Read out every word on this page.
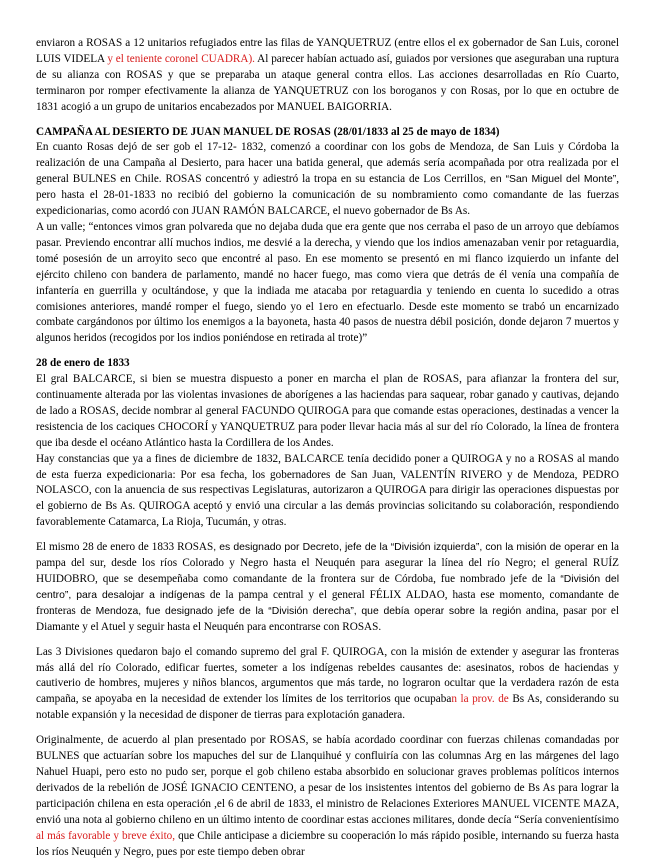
enviaron a ROSAS a 12 unitarios refugiados entre las filas de YANQUETRUZ (entre ellos el ex gobernador de San Luis, coronel LUIS VIDELA y el teniente coronel CUADRA). Al parecer habían actuado así, guiados por versiones que aseguraban una ruptura de su alianza con ROSAS y que se preparaba un ataque general contra ellos. Las acciones desarrolladas en Río Cuarto, terminaron por romper efectivamente la alianza de YANQUETRUZ con los boroganos y con Rosas, por lo que en octubre de 1831 acogió a un grupo de unitarios encabezados por MANUEL BAIGORRIA.

CAMPAÑA AL DESIERTO DE JUAN MANUEL DE ROSAS (28/01/1833 al 25 de mayo de 1834)

En cuanto Rosas dejó de ser gob el 17-12- 1832, comenzó a coordinar con los gobs de Mendoza, de San Luis y Córdoba la realización de una Campaña al Desierto, para hacer una batida general, que además sería acompañada por otra realizada por el general BULNES en Chile. ROSAS concentró y adiestró la tropa en su estancia de Los Cerrillos, en “San Miguel del Monte”, pero hasta el 28-01-1833 no recibió del gobierno la comunicación de su nombramiento como comandante de las fuerzas expedicionarias, como acordó con JUAN RAMÓN BALCARCE, el nuevo gobernador de Bs As.

A un valle; “entonces vimos gran polvareda que no dejaba duda que era gente que nos cerraba el paso de un arroyo que debíamos pasar. Previendo encontrar allí muchos indios, me desvié a la derecha, y viendo que los indios amenazaban venir por retaguardia, tomé posesión de un arroyito seco que encontré al paso. En ese momento se presentó en mi flanco izquierdo un infante del ejército chileno con bandera de parlamento, mandé no hacer fuego, mas como viera que detrás de él venía una compañía de infantería en guerrilla y ocultándose, y que la indiada me atacaba por retaguardia y teniendo en cuenta lo sucedido a otras comisiones anteriores, mandé romper el fuego, siendo yo el 1ero en efectuarlo. Desde este momento se trabó un encarnizado combate cargándonos por último los enemigos a la bayoneta, hasta 40 pasos de nuestra débil posición, donde dejaron 7 muertos y algunos heridos (recogidos por los indios poniéndose en retirada al trote)”

28 de enero de 1833

El gral BALCARCE, si bien se muestra dispuesto a poner en marcha el plan de ROSAS, para afianzar la frontera del sur, continuamente alterada por las violentas invasiones de aborígenes a las haciendas para saquear, robar ganado y cautivas, dejando de lado a ROSAS, decide nombrar al general FACUNDO QUIROGA para que comande estas operaciones, destinadas a vencer la resistencia de los caciques CHOCORÍ y YANQUETRUZ para poder llevar hacia más al sur del río Colorado, la línea de frontera que iba desde el océano Atlántico hasta la Cordillera de los Andes.

Hay constancias que ya a fines de diciembre de 1832, BALCARCE tenía decidido poner a QUIROGA y no a ROSAS al mando de esta fuerza expedicionaria: Por esa fecha, los gobernadores de San Juan, VALENTÍN RIVERO y de Mendoza, PEDRO NOLASCO, con la anuencia de sus respectivas Legislaturas, autorizaron a QUIROGA para dirigir las operaciones dispuestas por el gobierno de Bs As. QUIROGA aceptó y envió una circular a las demás provincias solicitando su colaboración, respondiendo favorablemente Catamarca, La Rioja, Tucumán, y otras.

El mismo 28 de enero de 1833 ROSAS, es designado por Decreto, jefe de la “División izquierda”, con la misión de operar en la pampa del sur, desde los ríos Colorado y Negro hasta el Neuquén para asegurar la línea del río Negro; el general RUÍZ HUIDOBRO, que se desempeñaba como comandante de la frontera sur de Córdoba, fue nombrado jefe de la “División del centro”, para desalojar a indígenas de la pampa central y el general FÉLIX ALDAO, hasta ese momento, comandante de fronteras de Mendoza, fue designado jefe de la “División derecha”, que debía operar sobre la región andina, pasar por el Diamante y el Atuel y seguir hasta el Neuquén para encontrarse con ROSAS.

Las 3 Divisiones quedaron bajo el comando supremo del gral F. QUIROGA, con la misión de extender y asegurar las fronteras más allá del río Colorado, edificar fuertes, someter a los indígenas rebeldes causantes de: asesinatos, robos de haciendas y cautiverio de hombres, mujeres y niños blancos, argumentos que más tarde, no lograron ocultar que la verdadera razón de esta campaña, se apoyaba en la necesidad de extender los límites de los territorios que ocupaban la prov. de Bs As, considerando su notable expansión y la necesidad de disponer de tierras para explotación ganadera.

Originalmente, de acuerdo al plan presentado por ROSAS, se había acordado coordinar con fuerzas chilenas comandadas por BULNES que actuarían sobre los mapuches del sur de Llanquihué y confluiría con las columnas Arg en las márgenes del lago Nahuel Huapi, pero esto no pudo ser, porque el gob chileno estaba absorbido en solucionar graves problemas políticos internos derivados de la rebelión de JOSÉ IGNACIO CENTENO, a pesar de los insistentes intentos del gobierno de Bs As para lograr la participación chilena en esta operación ,el 6 de abril de 1833, el ministro de Relaciones Exteriores MANUEL VICENTE MAZA, envió una nota al gobierno chileno en un último intento de coordinar estas acciones militares, donde decía “Sería convenientísimo al más favorable y breve éxito, que Chile anticipase a diciembre su cooperación lo más rápido posible, internando su fuerza hasta los ríos Neuquén y Negro, pues por este tiempo deben obrar
